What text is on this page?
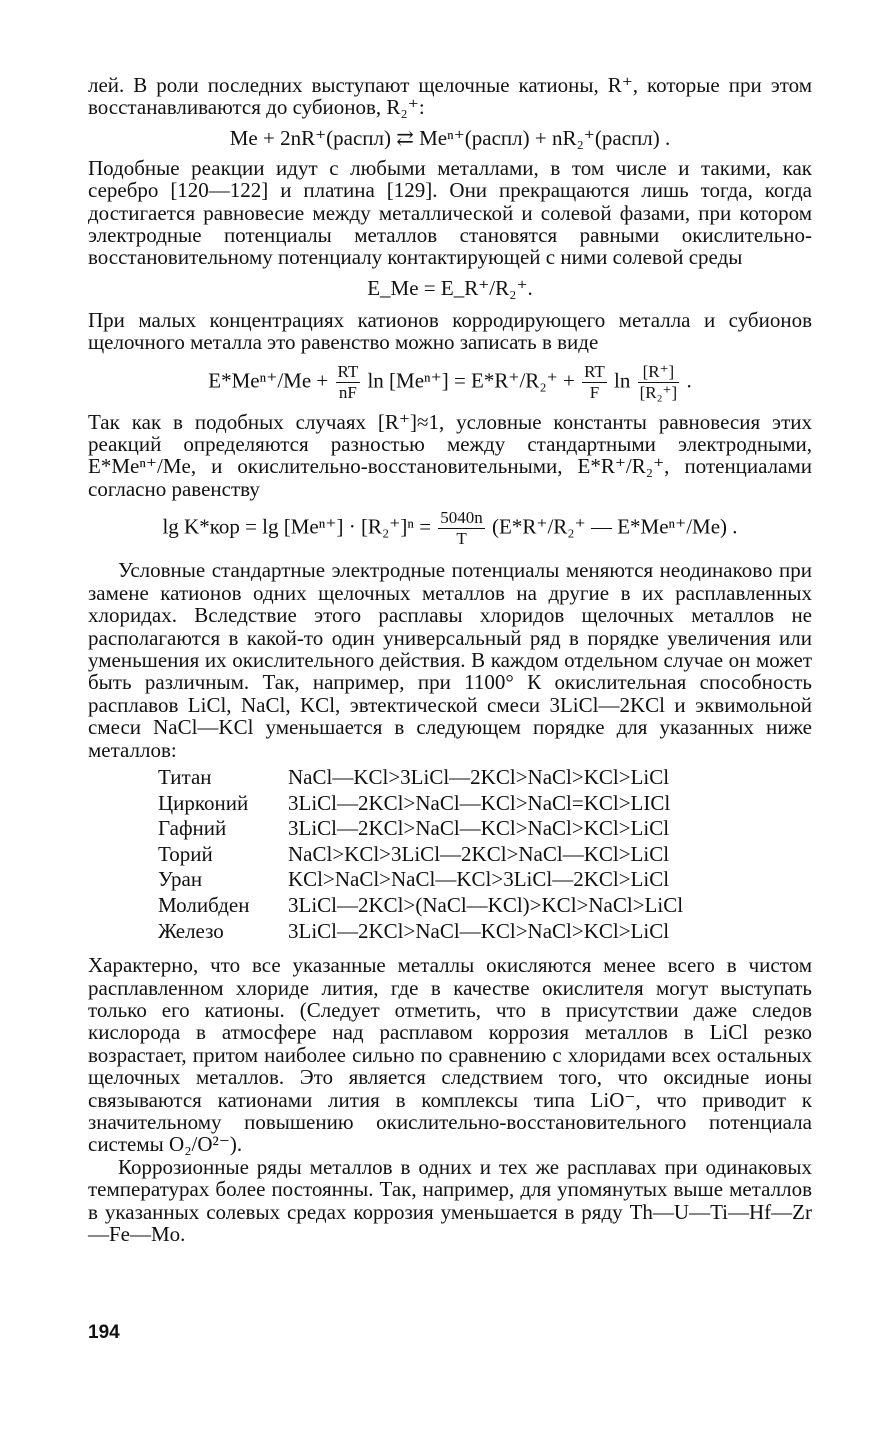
лей. В роли последних выступают щелочные катионы, R⁺, которые при этом восстанавливаются до субионов, R₂⁺:

Me + 2nR⁺(распл) ⇄ Meⁿ⁺(распл) + nR₂⁺(распл) .

Подобные реакции идут с любыми металлами, в том числе и такими, как серебро [120—122] и платина [129]. Они прекращаются лишь тогда, когда достигается равновесие между металлической и солевой фазами, при котором электродные потенциалы металлов становятся равными окислительно-восстановительному потенциалу контактирующей с ними солевой среды

E_Me = E_R⁺/R₂⁺.

При малых концентрациях катионов корродирующего металла и субионов щелочного металла это равенство можно записать в виде

$E*Me^{n+}/Me + \frac{RT}{nF}$ $\ln [Me^{n+}] = E*R^+/R_2^+ + \frac{RT}{F}$ $\ln \frac{[R^+]}{\text{[R₂⁺]}}$ .

Так как в подобных случаях [R⁺]≈1, условные константы равновесия этих реакций определяются разностью между стандартными электродными, E*Meⁿ⁺/Me, и окислительно-восстановительными, E*R⁺/R₂⁺, потенциалами согласно равенству

$\lg K*кор = \lg [Me^{n+}] \cdot [R_2^+]^n = \frac{5040n}{T} (E*R^+/R_2^+$ — E*Meⁿ⁺/Me) .

Условные стандартные электродные потенциалы меняются неодинаково при замене катионов одних щелочных металлов на другие в их расплавленных хлоридах. Вследствие этого расплавы хлоридов щелочных металлов не располагаются в какой-то один универсальный ряд в порядке увеличения или уменьшения их окислительного действия. В каждом отдельном случае он может быть различным. Так, например, при 1100° К окислительная способность расплавов LiCl, NaCl, KCl, эвтектической смеси 3LiCl—2KCl и эквимольной смеси NaCl—KCl уменьшается в следующем порядке для указанных ниже металлов:

Титан	NaCl—KCl>3LiCl—2KCl>NaCl>KCl>LiCl
Цирконий	3LiCl—2KCl>NaCl—KCl>NaCl=KCl>LICl
Гафний	3LiCl—2KCl>NaCl—KCl>NaCl>KCl>LiCl
Торий	NaCl>KCl>3LiCl—2KCl>NaCl—KCl>LiCl
Уран	KCl>NaCl>NaCl—KCl>3LiCl—2KCl>LiCl
Молибден	3LiCl—2KCl>(NaCl—KCl)>KCl>NaCl>LiCl
Железо	3LiCl—2KCl>NaCl—KCl>NaCl>KCl>LiCl

Характерно, что все указанные металлы окисляются менее всего в чистом расплавленном хлориде лития, где в качестве окислителя могут выступать только его катионы. (Следует отметить, что в присутствии даже следов кислорода в атмосфере над расплавом коррозия металлов в LiCl резко возрастает, притом наиболее сильно по сравнению с хлоридами всех остальных щелочных металлов. Это является следствием того, что оксидные ионы связываются катионами лития в комплексы типа LiO⁻, что приводит к значительному повышению окислительно-восстановительного потенциала системы O₂/O²⁻).

Коррозионные ряды металлов в одних и тех же расплавах при одинаковых температурах более постоянны. Так, например, для упомянутых выше металлов в указанных солевых средах коррозия уменьшается в ряду Th—U—Ti—Hf—Zr—Fe—Mo.

194
